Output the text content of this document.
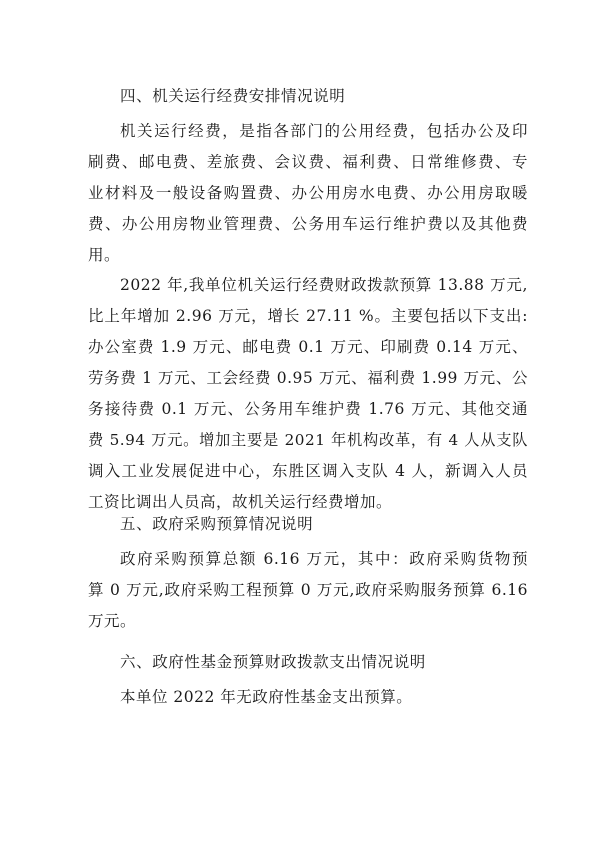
四、机关运行经费安排情况说明
机关运行经费，是指各部门的公用经费，包括办公及印
刷费、邮电费、差旅费、会议费、福利费、日常维修费、专
业材料及一般设备购置费、办公用房水电费、办公用房取暖
费、办公用房物业管理费、公务用车运行维护费以及其他费
用。
2022 年,我单位机关运行经费财政拨款预算 13.88 万元,
比上年增加 2.96 万元，增长 27.11 %。主要包括以下支出:
办公室费 1.9 万元、邮电费 0.1 万元、印刷费 0.14 万元、
劳务费 1 万元、工会经费 0.95 万元、福利费 1.99 万元、公
务接待费 0.1 万元、公务用车维护费 1.76 万元、其他交通
费 5.94 万元。增加主要是 2021 年机构改革，有 4 人从支队
调入工业发展促进中心，东胜区调入支队 4 人，新调入人员
工资比调出人员高，故机关运行经费增加。
五、政府采购预算情况说明
政府采购预算总额 6.16 万元，其中：政府采购货物预
算 0 万元,政府采购工程预算 0 万元,政府采购服务预算 6.16
万元。
六、政府性基金预算财政拨款支出情况说明
本单位 2022 年无政府性基金支出预算。
